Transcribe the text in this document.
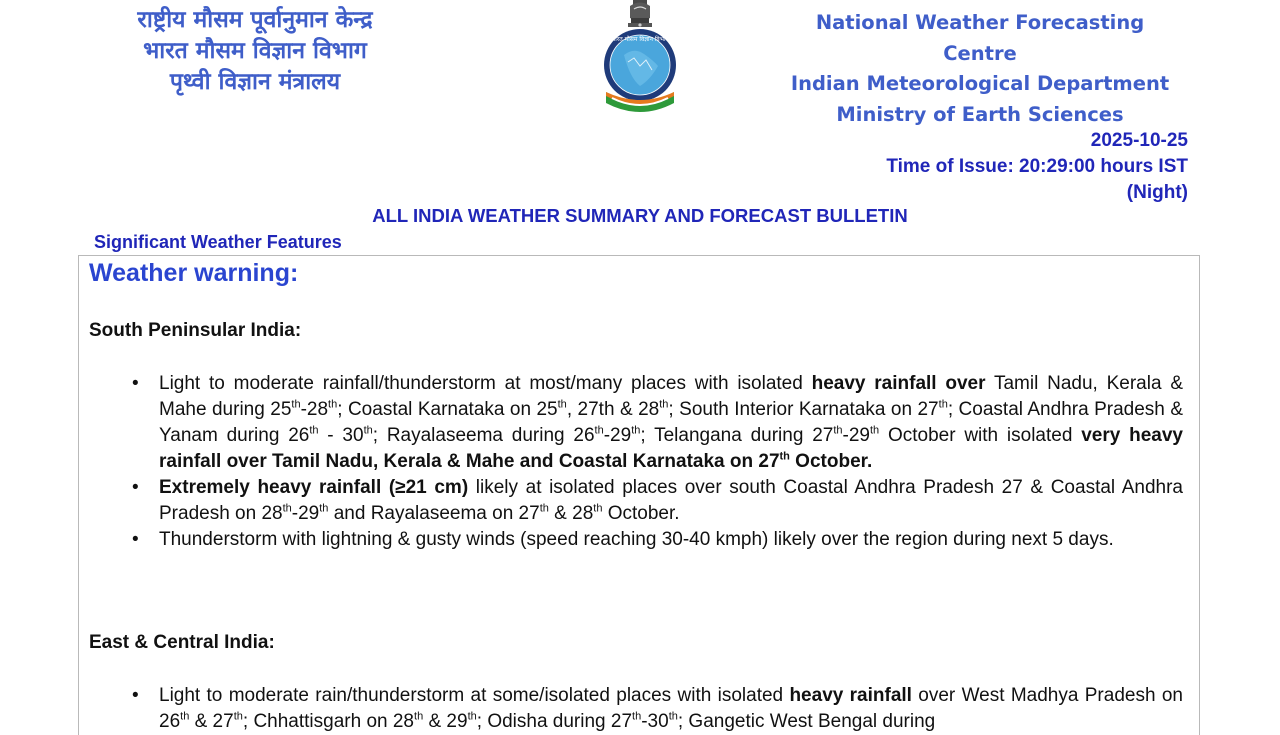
राष्ट्रीय मौसम पूर्वानुमान केन्द्र
भारत मौसम विज्ञान विभाग
पृथ्वी विज्ञान मंत्रालय
भारत मौसम विज्ञान विभाग
National Weather Forecasting Centre
Indian Meteorological Department
Ministry of Earth Sciences
2025-10-25
Time of Issue: 20:29:00 hours IST
(Night)
ALL INDIA WEATHER SUMMARY AND FORECAST BULLETIN
Significant Weather Features
Weather warning:
South Peninsular India:
• Light to moderate rainfall/thunderstorm at most/many places with isolated heavy rainfall over Tamil Nadu, Kerala & Mahe during 25th-28th; Coastal Karnataka on 25th, 27th & 28th; South Interior Karnataka on 27th; Coastal Andhra Pradesh & Yanam during 26th - 30th; Rayalaseema during 26th-29th; Telangana during 27th-29th October with isolated very heavy rainfall over Tamil Nadu, Kerala & Mahe and Coastal Karnataka on 27th October.
• Extremely heavy rainfall (≥21 cm) likely at isolated places over south Coastal Andhra Pradesh 27 & Coastal Andhra Pradesh on 28th-29th and Rayalaseema on 27th & 28th October.
• Thunderstorm with lightning & gusty winds (speed reaching 30-40 kmph) likely over the region during next 5 days.
East & Central India:
• Light to moderate rain/thunderstorm at some/isolated places with isolated heavy rainfall over West Madhya Pradesh on 26th & 27th; Chhattisgarh on 28th & 29th; Odisha during 27th-30th; Gangetic West Bengal during
